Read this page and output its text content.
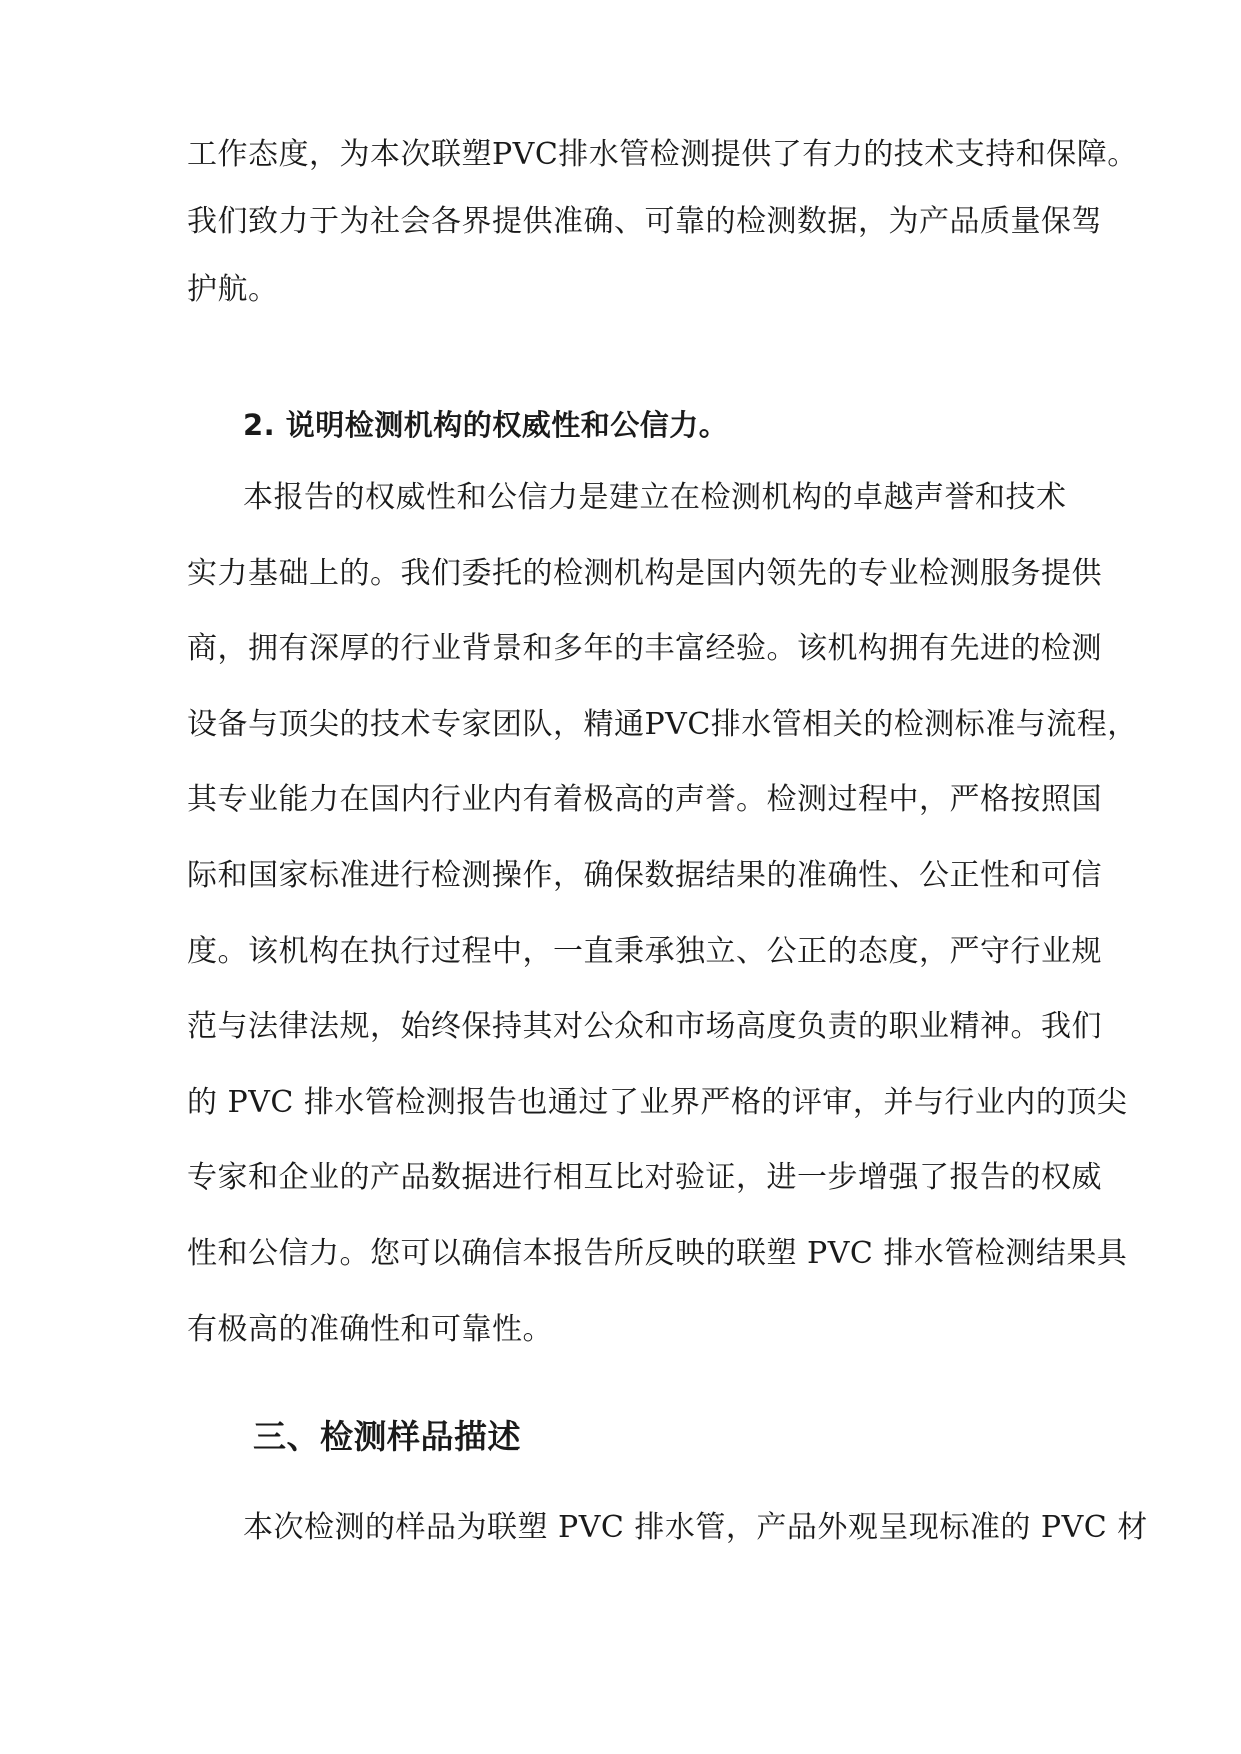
工作态度，为本次联塑PVC排水管检测提供了有力的技术支持和保障。
我们致力于为社会各界提供准确、可靠的检测数据，为产品质量保驾
护航。
2. 说明检测机构的权威性和公信力。
本报告的权威性和公信力是建立在检测机构的卓越声誉和技术
实力基础上的。我们委托的检测机构是国内领先的专业检测服务提供
商，拥有深厚的行业背景和多年的丰富经验。该机构拥有先进的检测
设备与顶尖的技术专家团队，精通PVC排水管相关的检测标准与流程，
其专业能力在国内行业内有着极高的声誉。检测过程中，严格按照国
际和国家标准进行检测操作，确保数据结果的准确性、公正性和可信
度。该机构在执行过程中，一直秉承独立、公正的态度，严守行业规
范与法律法规，始终保持其对公众和市场高度负责的职业精神。我们
的 PVC 排水管检测报告也通过了业界严格的评审，并与行业内的顶尖
专家和企业的产品数据进行相互比对验证，进一步增强了报告的权威
性和公信力。您可以确信本报告所反映的联塑 PVC 排水管检测结果具
有极高的准确性和可靠性。
三、检测样品描述
本次检测的样品为联塑 PVC 排水管，产品外观呈现标准的 PVC 材
